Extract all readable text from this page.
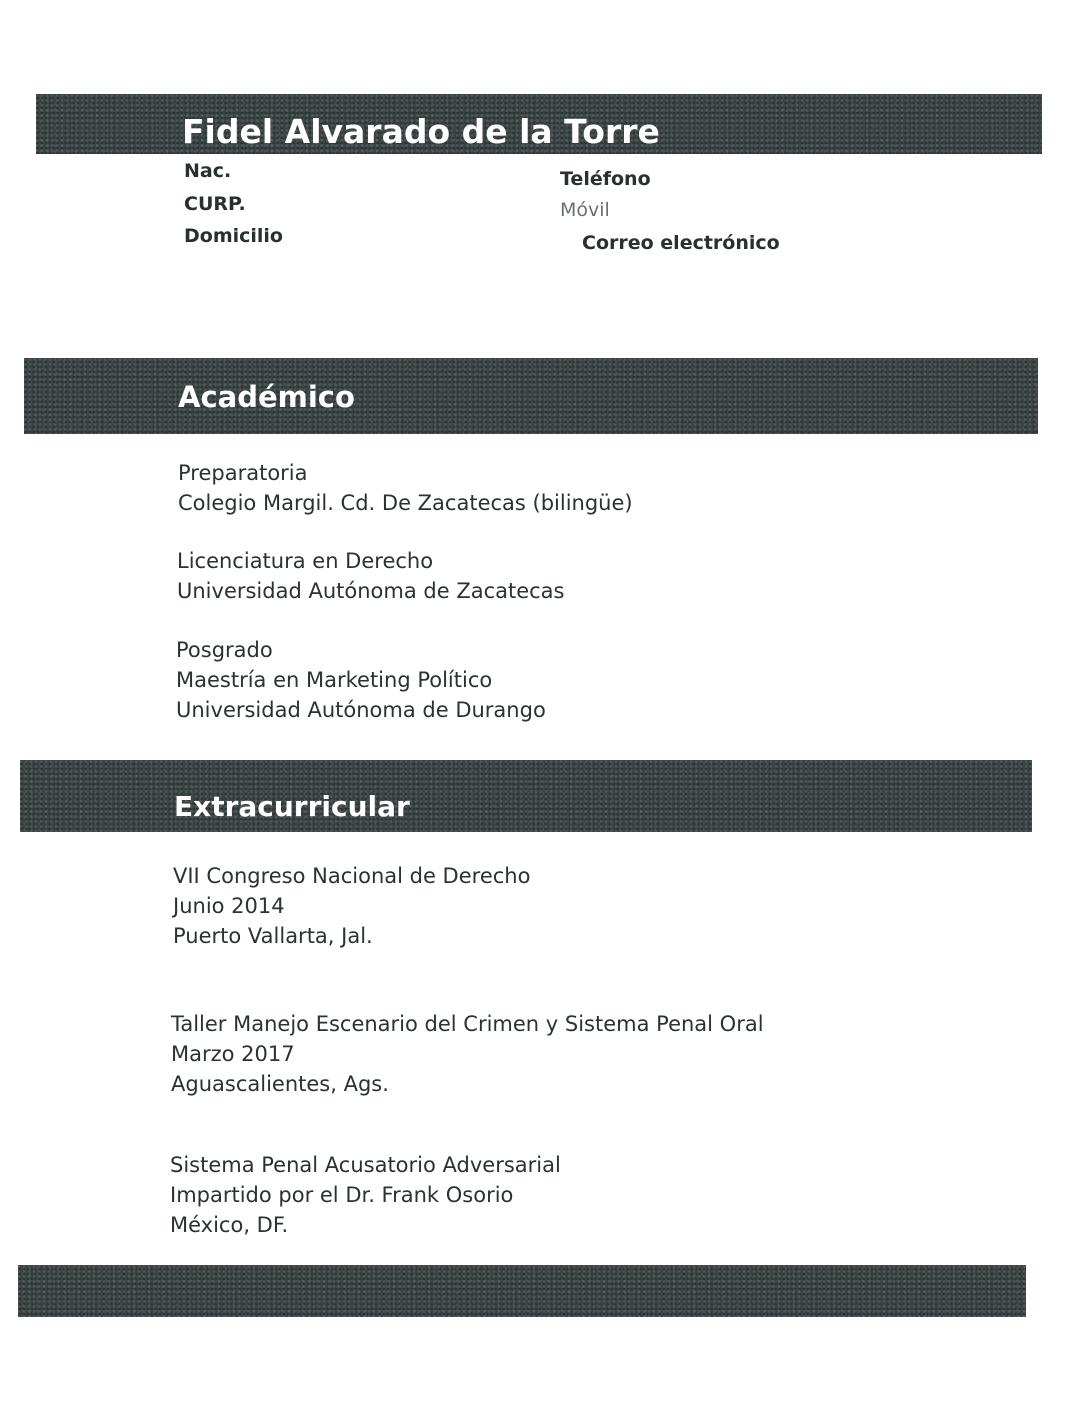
Fidel Alvarado de la Torre
Nac.
CURP.
Domicilio
Teléfono
Móvil
Correo electrónico
Académico
Preparatoria
Colegio Margil. Cd. De Zacatecas (bilingüe)
Licenciatura en Derecho
Universidad Autónoma de Zacatecas
Posgrado
Maestría en Marketing Político
Universidad Autónoma de Durango
Extracurricular
VII Congreso Nacional de Derecho
Junio 2014
Puerto Vallarta, Jal.
Taller Manejo Escenario del Crimen y Sistema Penal Oral
Marzo 2017
Aguascalientes, Ags.
Sistema Penal Acusatorio Adversarial
Impartido por el Dr. Frank Osorio
México, DF.
